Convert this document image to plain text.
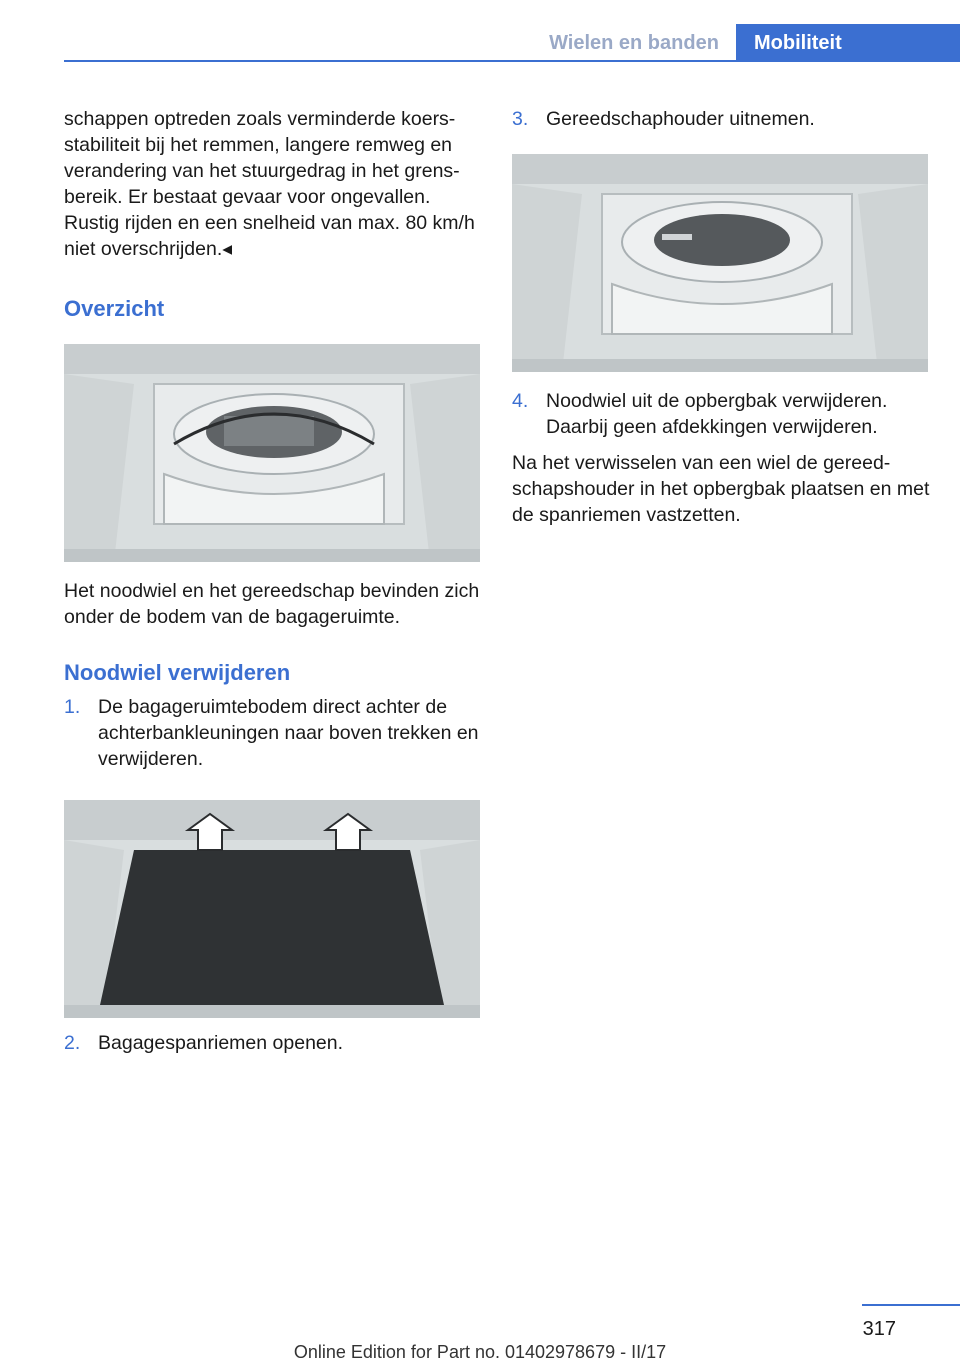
Wielen en banden	Mobiliteit

schappen optreden zoals verminderde koers-stabiliteit bij het remmen, langere remweg en verandering van het stuurgedrag in het grens-bereik. Er bestaat gevaar voor ongevallen. Rustig rijden en een snelheid van max. 80 km/h niet overschrijden.◂

Overzicht

Het noodwiel en het gereedschap bevinden zich onder de bodem van de bagageruimte.

Noodwiel verwijderen
1. De bagageruimtebodem direct achter de achterbankleuningen naar boven trekken en verwijderen.
2. Bagagespanriemen openen.
3. Gereedschaphouder uitnemen.
4. Noodwiel uit de opbergbak verwijderen. Daarbij geen afdekkingen verwijderen.

Na het verwisselen van een wiel de gereed-schapshouder in het opbergbak plaatsen en met de spanriemen vastzetten.

317
Online Edition for Part no. 01402978679 - II/17
